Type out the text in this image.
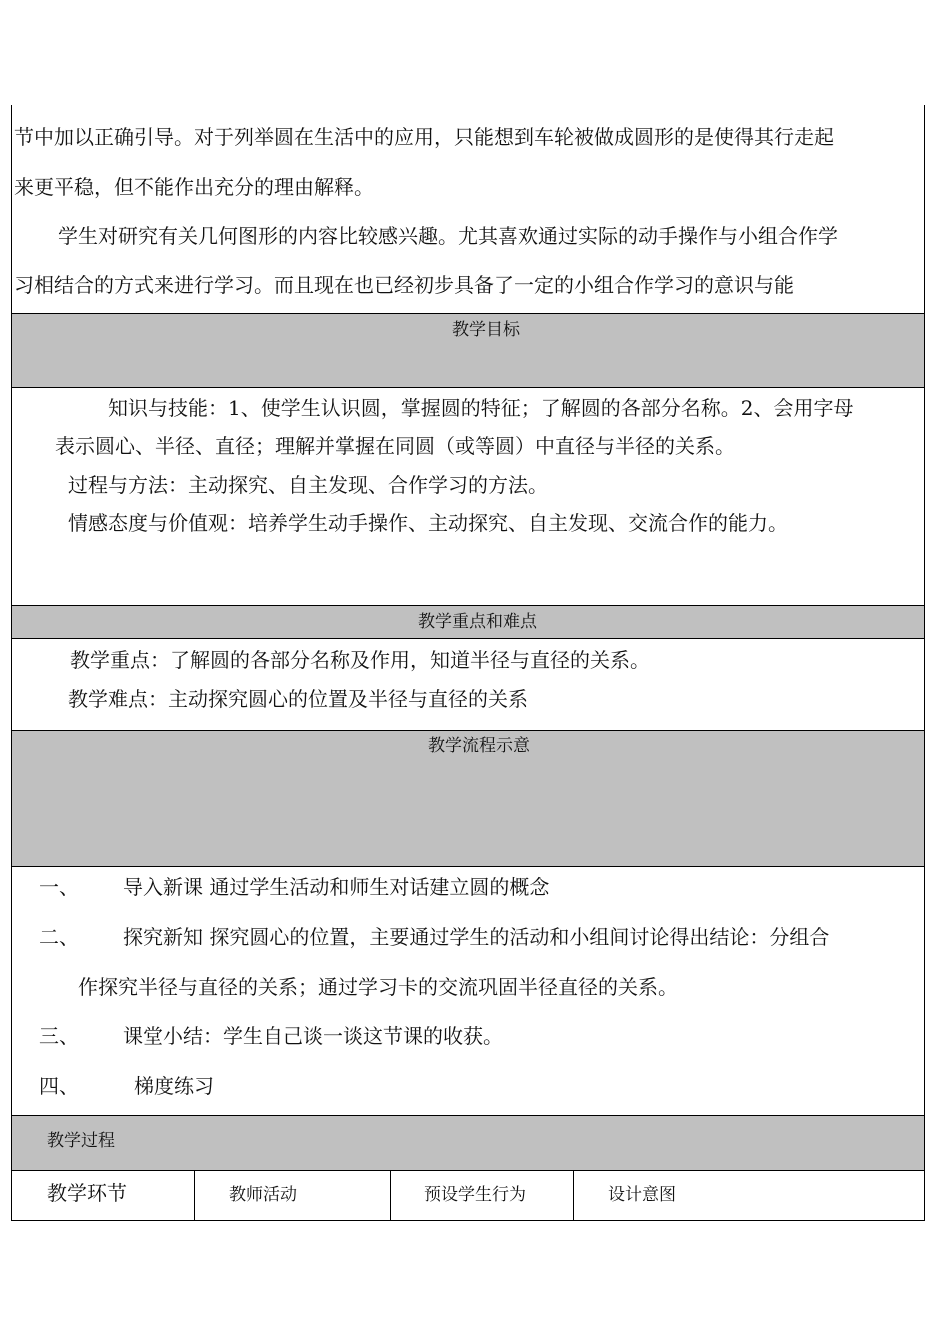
节中加以正确引导。对于列举圆在生活中的应用，只能想到车轮被做成圆形的是使得其行走起
来更平稳，但不能作出充分的理由解释。
学生对研究有关几何图形的内容比较感兴趣。尤其喜欢通过实际的动手操作与小组合作学
习相结合的方式来进行学习。而且现在也已经初步具备了一定的小组合作学习的意识与能
教学目标
知识与技能：1、使学生认识圆，掌握圆的特征；了解圆的各部分名称。2、会用字母
表示圆心、半径、直径；理解并掌握在同圆（或等圆）中直径与半径的关系。
过程与方法：主动探究、自主发现、合作学习的方法。
情感态度与价值观：培养学生动手操作、主动探究、自主发现、交流合作的能力。
教学重点和难点
教学重点：了解圆的各部分名称及作用，知道半径与直径的关系。
教学难点：主动探究圆心的位置及半径与直径的关系
教学流程示意
一、 导入新课 通过学生活动和师生对话建立圆的概念
二、 探究新知 探究圆心的位置，主要通过学生的活动和小组间讨论得出结论：分组合
作探究半径与直径的关系；通过学习卡的交流巩固半径直径的关系。
三、 课堂小结：学生自己谈一谈这节课的收获。
四、	梯度练习
教学过程
教学环节	教师活动	预设学生行为	设计意图
